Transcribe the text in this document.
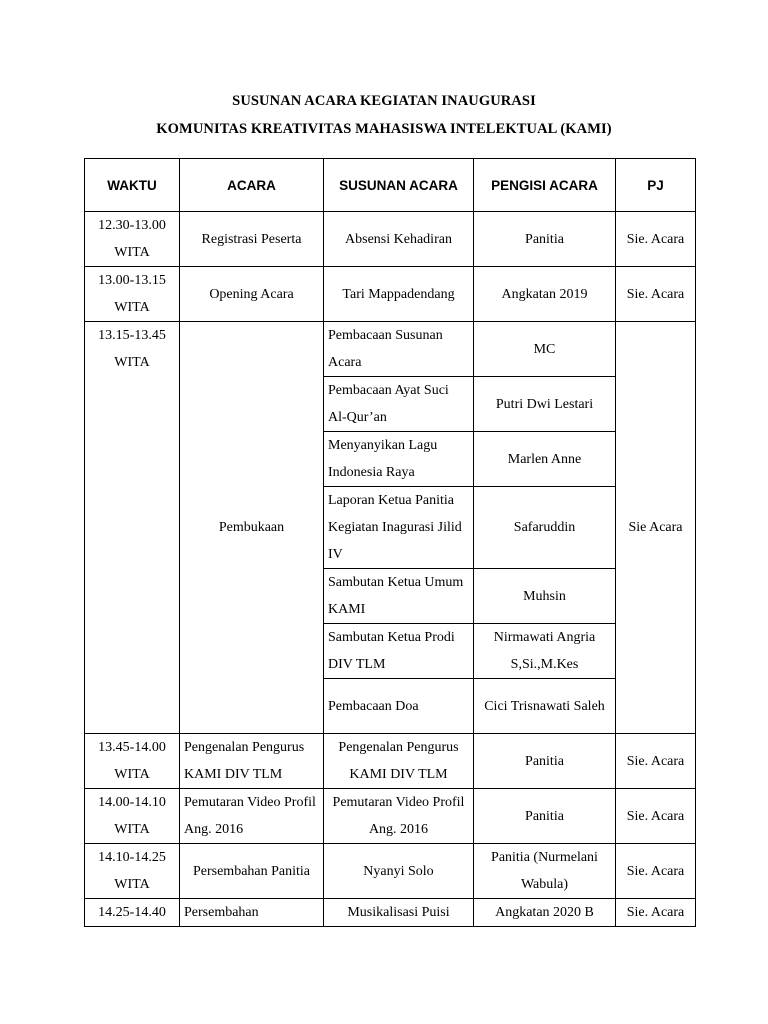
SUSUNAN ACARA KEGIATAN INAUGURASI
KOMUNITAS KREATIVITAS MAHASISWA INTELEKTUAL (KAMI)
WAKTU	ACARA	SUSUNAN ACARA	PENGISI ACARA	PJ
12.30-13.00 WITA	Registrasi Peserta	Absensi Kehadiran	Panitia	Sie. Acara
13.00-13.15 WITA	Opening Acara	Tari Mappadendang	Angkatan 2019	Sie. Acara
13.15-13.45 WITA	Pembukaan	Pembacaan Susunan Acara	MC	Sie Acara
		Pembacaan Ayat Suci Al-Qur’an	Putri Dwi Lestari	
		Menyanyikan Lagu Indonesia Raya	Marlen Anne	
		Laporan Ketua Panitia Kegiatan Inagurasi Jilid IV	Safaruddin	
		Sambutan Ketua Umum KAMI	Muhsin	
		Sambutan Ketua Prodi DIV TLM	Nirmawati Angria S,Si.,M.Kes	
		Pembacaan Doa	Cici Trisnawati Saleh	
13.45-14.00 WITA	Pengenalan Pengurus KAMI DIV TLM	Pengenalan Pengurus KAMI DIV TLM	Panitia	Sie. Acara
14.00-14.10 WITA	Pemutaran Video Profil Ang. 2016	Pemutaran Video Profil Ang. 2016	Panitia	Sie. Acara
14.10-14.25 WITA	Persembahan Panitia	Nyanyi Solo	Panitia (Nurmelani Wabula)	Sie. Acara
14.25-14.40	Persembahan	Musikalisasi Puisi	Angkatan 2020 B	Sie. Acara
